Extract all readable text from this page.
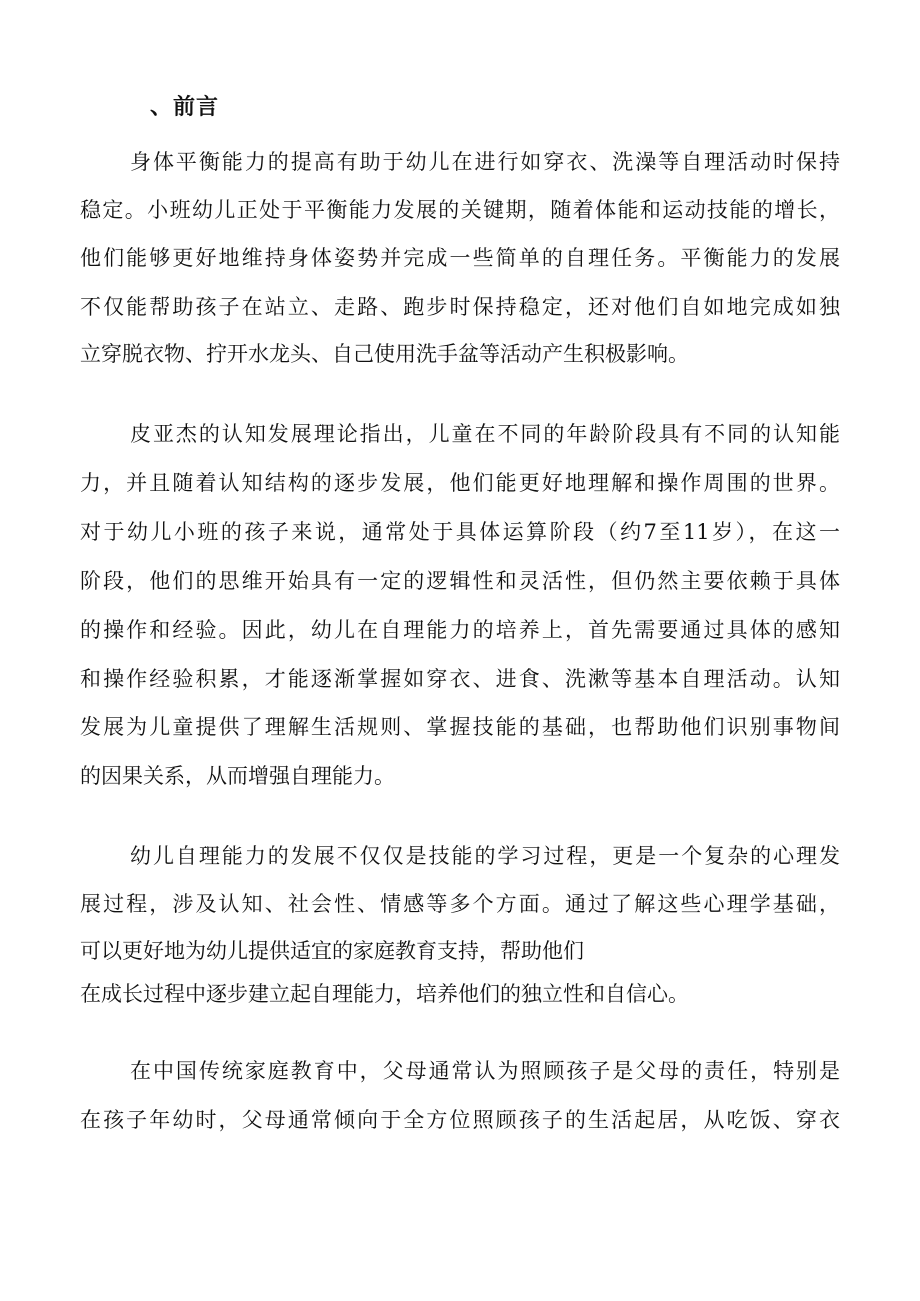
、前言
身体平衡能力的提高有助于幼儿在进行如穿衣、洗澡等自理活动时保持
稳定。小班幼儿正处于平衡能力发展的关键期，随着体能和运动技能的增长，
他们能够更好地维持身体姿势并完成一些简单的自理任务。平衡能力的发展
不仅能帮助孩子在站立、走路、跑步时保持稳定，还对他们自如地完成如独
立穿脱衣物、拧开水龙头、自己使用洗手盆等活动产生积极影响。
皮亚杰的认知发展理论指出，儿童在不同的年龄阶段具有不同的认知能
力，并且随着认知结构的逐步发展，他们能更好地理解和操作周围的世界。
对于幼儿小班的孩子来说，通常处于具体运算阶段（约7至11岁），在这一
阶段，他们的思维开始具有一定的逻辑性和灵活性，但仍然主要依赖于具体
的操作和经验。因此，幼儿在自理能力的培养上，首先需要通过具体的感知
和操作经验积累，才能逐渐掌握如穿衣、进食、洗漱等基本自理活动。认知
发展为儿童提供了理解生活规则、掌握技能的基础，也帮助他们识别事物间
的因果关系，从而增强自理能力。
幼儿自理能力的发展不仅仅是技能的学习过程，更是一个复杂的心理发
展过程，涉及认知、社会性、情感等多个方面。通过了解这些心理学基础，
可以更好地为幼儿提供适宜的家庭教育支持，帮助他们
在成长过程中逐步建立起自理能力，培养他们的独立性和自信心。
在中国传统家庭教育中，父母通常认为照顾孩子是父母的责任，特别是
在孩子年幼时，父母通常倾向于全方位照顾孩子的生活起居，从吃饭、穿衣
